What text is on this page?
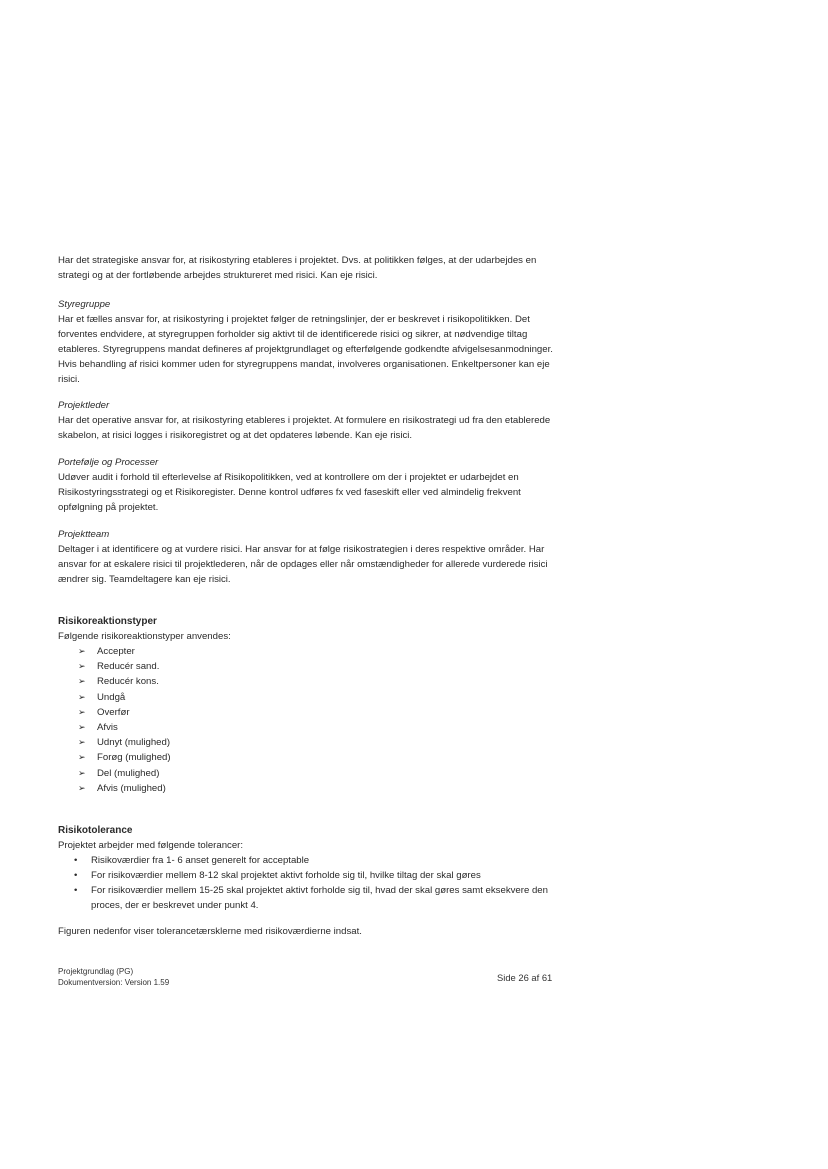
Har det strategiske ansvar for, at risikostyring etableres i projektet. Dvs. at politikken følges, at der udarbejdes en strategi og at der fortløbende arbejdes struktureret med risici. Kan eje risici.

Styregruppe

Har et fælles ansvar for, at risikostyring i projektet følger de retningslinjer, der er beskrevet i risikopolitikken. Det forventes endvidere, at styregruppen forholder sig aktivt til de identificerede risici og sikrer, at nødvendige tiltag etableres. Styregruppens mandat defineres af projektgrundlaget og efterfølgende godkendte afvigelsesanmodninger. Hvis behandling af risici kommer uden for styregruppens mandat, involveres organisationen. Enkeltpersoner kan eje risici.

Projektleder

Har det operative ansvar for, at risikostyring etableres i projektet. At formulere en risikostrategi ud fra den etablerede skabelon, at risici logges i risikoregistret og at det opdateres løbende. Kan eje risici.

Portefølje og Processer

Udøver audit i forhold til efterlevelse af Risikopolitikken, ved at kontrollere om der i projektet er udarbejdet en Risikostyringsstrategi og et Risikoregister. Denne kontrol udføres fx ved faseskift eller ved almindelig frekvent opfølgning på projektet.

Projektteam

Deltager i at identificere og at vurdere risici. Har ansvar for at følge risikostrategien i deres respektive områder. Har ansvar for at eskalere risici til projektlederen, når de opdages eller når omstændigheder for allerede vurderede risici ændrer sig. Teamdeltagere kan eje risici.

Risikoreaktionstyper

Følgende risikoreaktionstyper anvendes:

➢ Accepter
➢ Reducér sand.
➢ Reducér kons.
➢ Undgå
➢ Overfør
➢ Afvis
➢ Udnyt (mulighed)
➢ Forøg (mulighed)
➢ Del (mulighed)
➢ Afvis (mulighed)

Risikotolerance

Projektet arbejder med følgende tolerancer:

• Risikoværdier fra 1- 6 anset generelt for acceptable
• For risikoværdier mellem 8-12 skal projektet aktivt forholde sig til, hvilke tiltag der skal gøres
• For risikoværdier mellem 15-25 skal projektet aktivt forholde sig til, hvad der skal gøres samt eksekvere den proces, der er beskrevet under punkt 4.

Figuren nedenfor viser tolerancetærsklerne med risikoværdierne indsat.

Projektgrundlag (PG)
Dokumentversion: Version 1.59	Side 26 af 61
